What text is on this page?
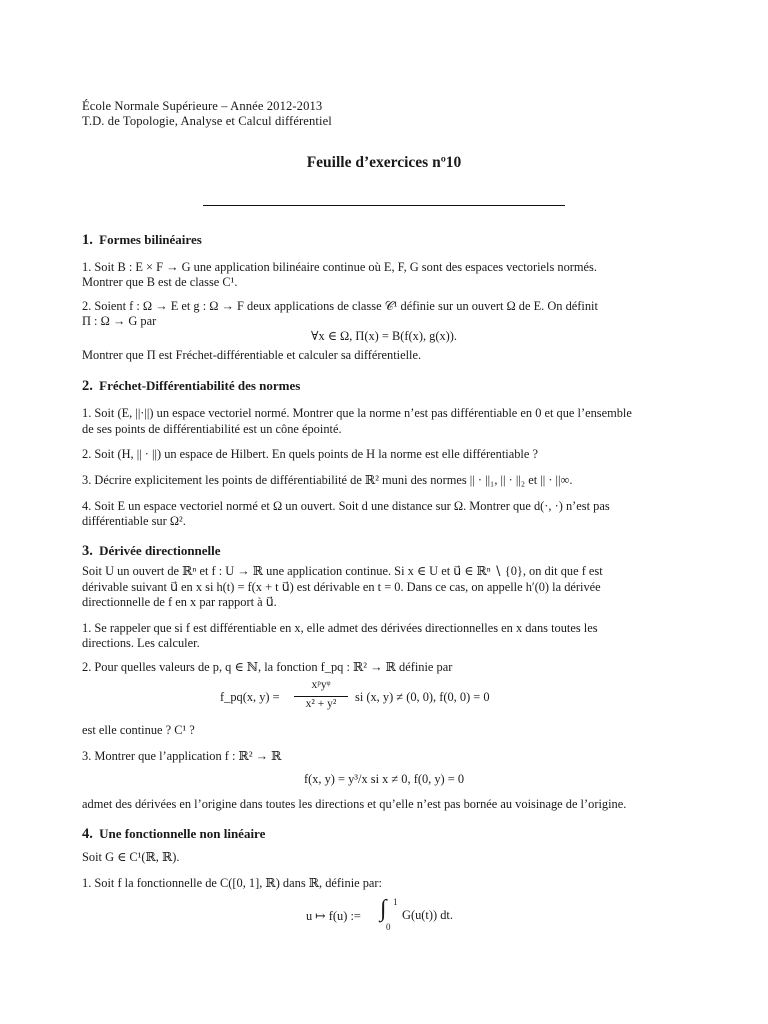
École Normale Supérieure – Année 2012-2013
T.D. de Topologie, Analyse et Calcul différentiel
Feuille d’exercices nº10
1. Formes bilinéaires
1. Soit B : E × F → G une application bilinéaire continue où E, F, G sont des espaces vectoriels normés.
Montrer que B est de classe C¹.
2. Soient f : Ω → E et g : Ω → F deux applications de classe 𝒞¹ définie sur un ouvert Ω de E. On définit
Π : Ω → G par
∀x ∈ Ω, Π(x) = B(f(x), g(x)).
Montrer que Π est Fréchet-différentiable et calculer sa différentielle.
2. Fréchet-Différentiabilité des normes
1. Soit (E, ||·||) un espace vectoriel normé. Montrer que la norme n’est pas différentiable en 0 et que l’ensemble
de ses points de différentiabilité est un cône épointé.
2. Soit (H, || · ||) un espace de Hilbert. En quels points de H la norme est elle différentiable ?
3. Décrire explicitement les points de différentiabilité de ℝ² muni des normes || · ||₁, || · ||₂ et || · ||∞.
4. Soit E un espace vectoriel normé et Ω un ouvert. Soit d une distance sur Ω. Montrer que d(·, ·) n’est pas
différentiable sur Ω².
3. Dérivée directionnelle
Soit U un ouvert de ℝⁿ et f : U → ℝ une application continue. Si x ∈ U et u⃗ ∈ ℝⁿ ∖ {0}, on dit que f est
dérivable suivant u⃗ en x si h(t) = f(x + t u⃗) est dérivable en t = 0. Dans ce cas, on appelle h′(0) la dérivée
directionnelle de f en x par rapport à u⃗.
1. Se rappeler que si f est différentiable en x, elle admet des dérivées directionnelles en x dans toutes les
directions. Les calculer.
2. Pour quelles valeurs de p, q ∈ ℕ, la fonction f_pq : ℝ² → ℝ définie par
f_pq(x, y) =
xᵖyᵠ
x² + y²	si (x, y) ≠ (0, 0), f(0, 0) = 0
est elle continue ? C¹ ?
3. Montrer que l’application f : ℝ² → ℝ
f(x, y) = y³/x si x ≠ 0, f(0, y) = 0
admet des dérivées en l’origine dans toutes les directions et qu’elle n’est pas bornée au voisinage de l’origine.
4. Une fonctionnelle non linéaire
Soit G ∈ C¹(ℝ, ℝ).
1. Soit f la fonctionnelle de C([0, 1], ℝ) dans ℝ, définie par:
u ↦ f(u) := ∫ 1
0
G(u(t)) dt.
